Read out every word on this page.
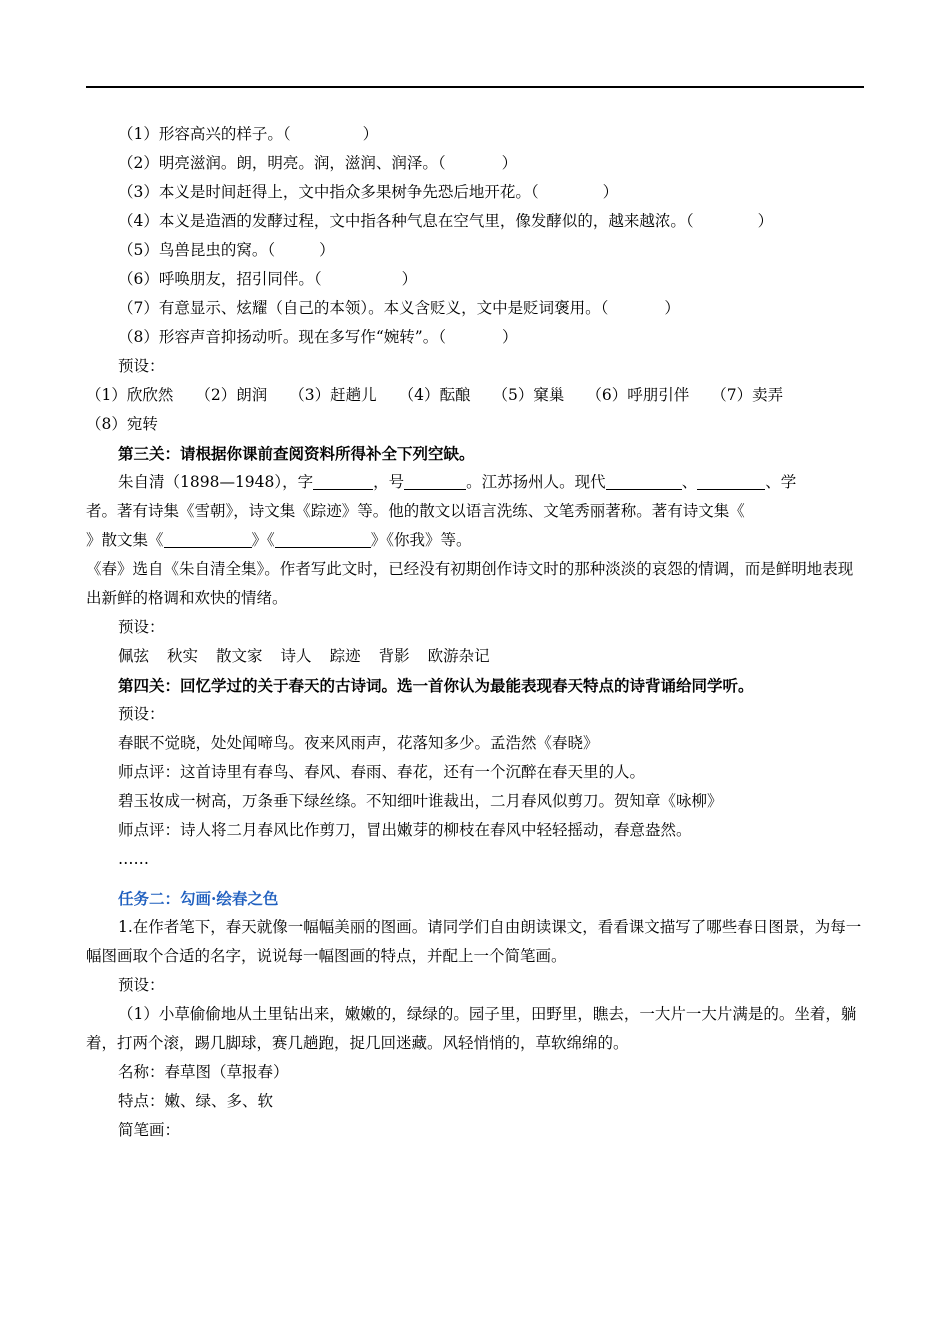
（1）形容高兴的样子。（	）
（2）明亮滋润。朗，明亮。润，滋润、润泽。（	）
（3）本义是时间赶得上，文中指众多果树争先恐后地开花。（	）
（4）本义是造酒的发酵过程，文中指各种气息在空气里，像发酵似的，越来越浓。（	）
（5）鸟兽昆虫的窝。（	）
（6）呼唤朋友，招引同伴。（	）
（7）有意显示、炫耀（自己的本领）。本义含贬义，文中是贬词褒用。（	）
（8）形容声音抑扬动听。现在多写作“婉转”。（	）
预设：
（1）欣欣然 （2）朗润 （3）赶趟儿 （4）酝酿 （5）窠巢 （6）呼朋引伴 （7）卖弄
（8）宛转
第三关：请根据你课前查阅资料所得补全下列空缺。
朱自清（1898—1948），字	，号	。江苏扬州人。现代	、	、学
者。著有诗集《雪朝》，诗文集《踪迹》等。他的散文以语言洗练、文笔秀丽著称。著有诗文集《
》散文集《	》《	》《你我》等。
《春》选自《朱自清全集》。作者写此文时，已经没有初期创作诗文时的那种淡淡的哀怨的情调，而是鲜明地表现出新鲜的格调和欢快的情绪。
预设：
佩弦 秋实 散文家 诗人 踪迹 背影 欧游杂记
第四关：回忆学过的关于春天的古诗词。选一首你认为最能表现春天特点的诗背诵给同学听。
预设：
春眠不觉晓，处处闻啼鸟。夜来风雨声，花落知多少。孟浩然《春晓》
师点评：这首诗里有春鸟、春风、春雨、春花，还有一个沉醉在春天里的人。
碧玉妆成一树高，万条垂下绿丝绦。不知细叶谁裁出，二月春风似剪刀。贺知章《咏柳》
师点评：诗人将二月春风比作剪刀，冒出嫩芽的柳枝在春风中轻轻摇动，春意盎然。
……
任务二：勾画·绘春之色
1.在作者笔下，春天就像一幅幅美丽的图画。请同学们自由朗读课文，看看课文描写了哪些春日图景，为每一幅图画取个合适的名字，说说每一幅图画的特点，并配上一个简笔画。
预设：
（1）小草偷偷地从土里钻出来，嫩嫩的，绿绿的。园子里，田野里，瞧去，一大片一大片满是的。坐着，躺着，打两个滚，踢几脚球，赛几趟跑，捉几回迷藏。风轻悄悄的，草软绵绵的。
名称：春草图（草报春）
特点：嫩、绿、多、软
简笔画：
